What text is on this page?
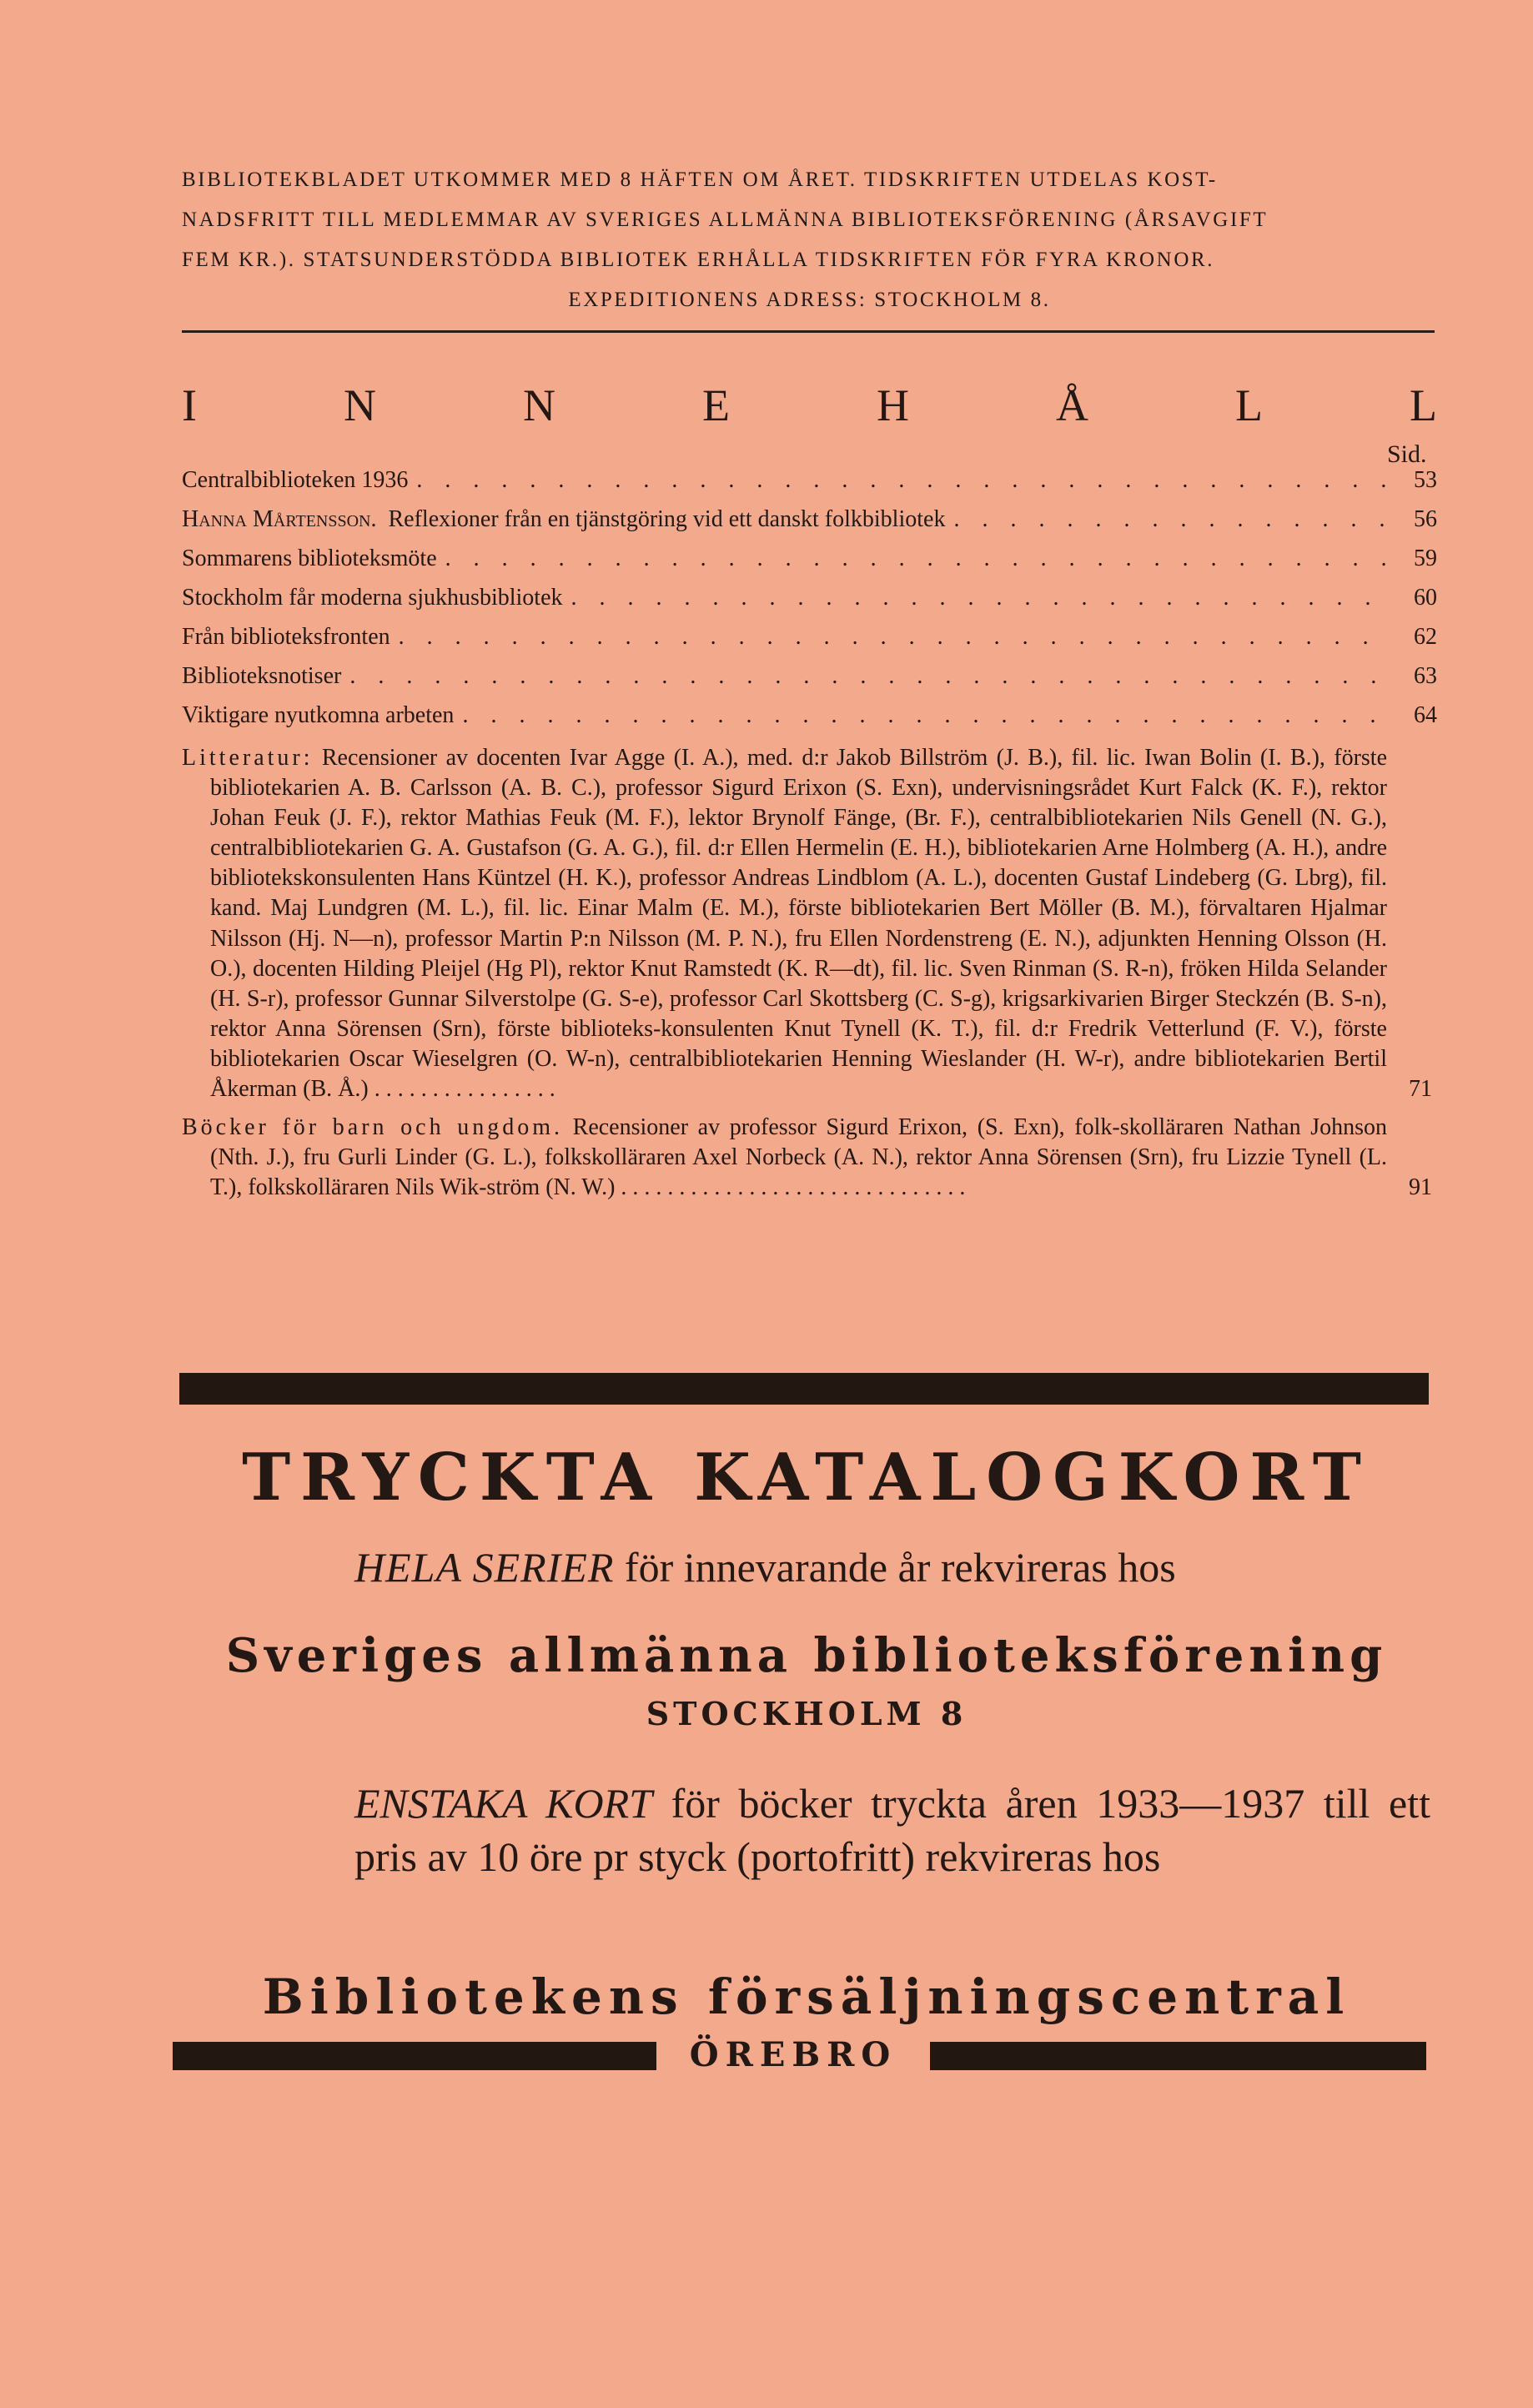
BIBLIOTEKBLADET UTKOMMER MED 8 HÄFTEN OM ÅRET. TIDSKRIFTEN UTDELAS KOST-
NADSFRITT TILL MEDLEMMAR AV SVERIGES ALLMÄNNA BIBLIOTEKSFÖRENING (ÅRSAVGIFT
FEM KR.). STATSUNDERSTÖDDA BIBLIOTEK ERHÅLLA TIDSKRIFTEN FÖR FYRA KRONOR.
EXPEDITIONENS ADRESS: STOCKHOLM 8.
I	N	N	E	H	Å	L	L
Sid.
Centralbiblioteken 1936 . . .	53
Hanna Mårtensson. Reflexioner från en tjänstgöring vid ett danskt folkbibliotek . . .	56
Sommarens biblioteksmöte . . .	59
Stockholm får moderna sjukhusbibliotek . . .	60
Från biblioteksfronten . . .	62
Biblioteksnotiser . . .	63
Viktigare nyutkomna arbeten . . .	64

Litteratur: Recensioner av docenten Ivar Agge (I. A.), med. d:r Jakob Billström (J. B.), fil. lic. Iwan Bolin (I. B.), förste bibliotekarien A. B. Carlsson (A. B. C.), professor Sigurd Erixon (S. Exn), undervisningsrådet Kurt Falck (K. F.), rektor Johan Feuk (J. F.), rektor Mathias Feuk (M. F.), lektor Brynolf Fänge, (Br. F.), centralbibliotekarien Nils Genell (N. G.), centralbibliotekarien G. A. Gustafson (G. A. G.), fil. d:r Ellen Hermelin (E. H.), bibliotekarien Arne Holmberg (A. H.), andre bibliotekskonsulenten Hans Küntzel (H. K.), professor Andreas Lindblom (A. L.), docenten Gustaf Lindeberg (G. Lbrg), fil. kand. Maj Lundgren (M. L.), fil. lic. Einar Malm (E. M.), förste bibliotekarien Bert Möller (B. M.), förvaltaren Hjalmar Nilsson (Hj. N—n), professor Martin P:n Nilsson (M. P. N.), fru Ellen Nordenstreng (E. N.), adjunkten Henning Olsson (H. O.), docenten Hilding Pleijel (Hg Pl), rektor Knut Ramstedt (K. R—dt), fil. lic. Sven Rinman (S. R-n), fröken Hilda Selander (H. S-r), professor Gunnar Silverstolpe (G. S-e), professor Carl Skottsberg (C. S-g), krigsarkivarien Birger Steckzén (B. S-n), rektor Anna Sörensen (Srn), förste biblioteks-konsulenten Knut Tynell (K. T.), fil. d:r Fredrik Vetterlund (F. V.), förste bibliotekarien Oscar Wieselgren (O. W-n), centralbibliotekarien Henning Wieslander (H. W-r), andre bibliotekarien Bertil Åkerman (B. Å.) . . . . . . . . . . . . . . . .	71

Böcker för barn och ungdom. Recensioner av professor Sigurd Erixon, (S. Exn), folk-skollärаren Nathan Johnson (Nth. J.), fru Gurli Linder (G. L.), folkskollärаren Axel Norbeck (A. N.), rektor Anna Sörensen (Srn), fru Lizzie Tynell (L. T.), folkskollärаren Nils Wik-ström (N. W.) . . . . . . . . . . . . . . . . . . . . . . . . . . . . . .	91

TRYCKTA KATALOGKORT
HELA SERIER för innevarande år rekvireras hos
Sveriges allmänna biblioteksförening
STOCKHOLM 8
ENSTAKA KORT för böcker tryckta åren 1933—1937 till ett pris av 10 öre pr styck (portofritt) rekvireras hos
Bibliotekens försäljningscentral
ÖREBRO
